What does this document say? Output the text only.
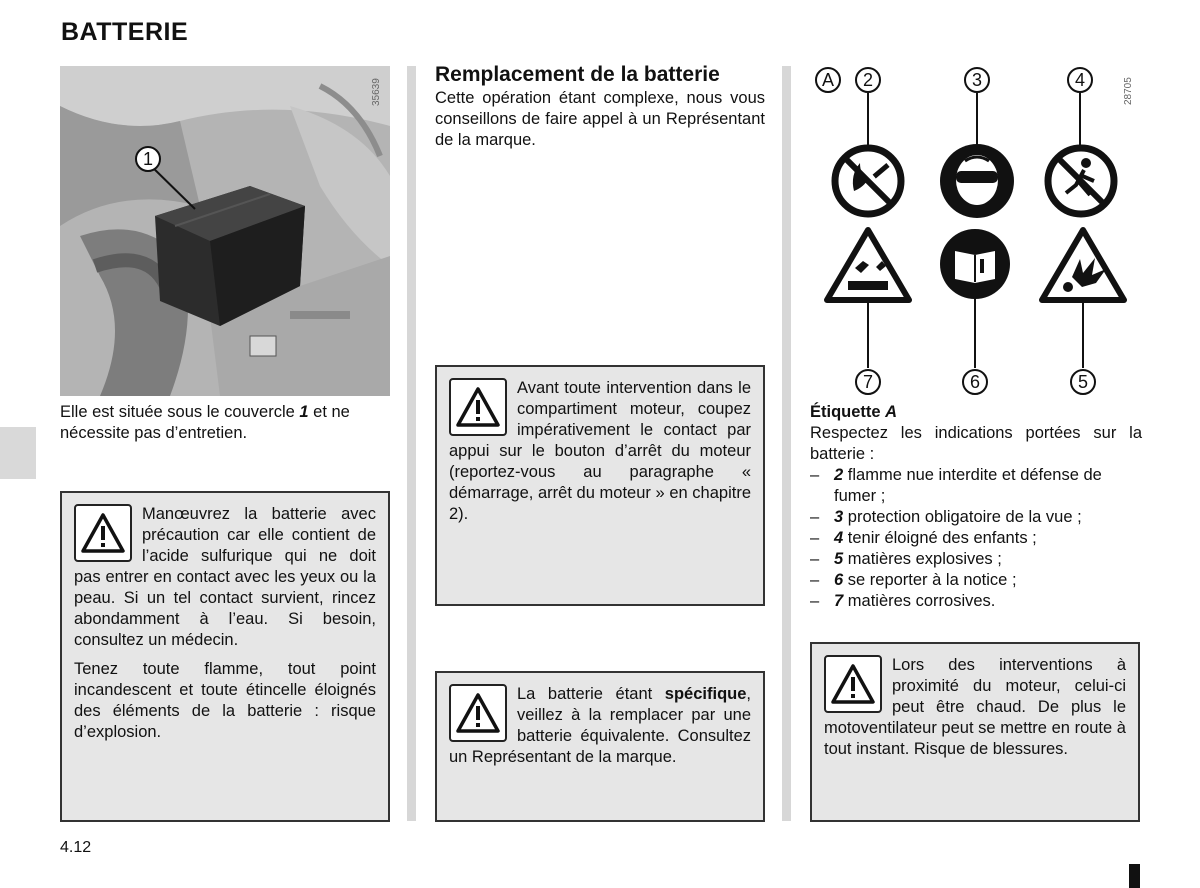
BATTERIE
35639
1
Elle est située sous le couvercle 1 et ne nécessite pas d’entretien.

Manœuvrez la batterie avec précaution car elle contient de l’acide sulfurique qui ne doit pas entrer en contact avec les yeux ou la peau. Si un tel contact survient, rincez abondamment à l’eau. Si besoin, consultez un médecin.

Tenez toute flamme, tout point incandescent et toute étincelle éloignés des éléments de la batterie : risque d’explosion.

Remplacement de la batterie
Cette opération étant complexe, nous vous conseillons de faire appel à un Représentant de la marque.

Avant toute intervention dans le compartiment moteur, coupez impérativement le contact par appui sur le bouton d’arrêt du moteur (reportez-vous au paragraphe « démarrage, arrêt du moteur » en chapitre 2).

La batterie étant spécifique, veillez à la remplacer par une batterie équivalente. Consultez un Représentant de la marque.

A	2	3	4
7	6	5
28705
Étiquette A
Respectez les indications portées sur la batterie :
– 2 flamme nue interdite et défense de fumer ;
– 3 protection obligatoire de la vue ;
– 4 tenir éloigné des enfants ;
– 5 matières explosives ;
– 6 se reporter à la notice ;
– 7 matières corrosives.

Lors des interventions à proximité du moteur, celui-ci peut être chaud. De plus le motoventilateur peut se mettre en route à tout instant. Risque de blessures.

4.12
